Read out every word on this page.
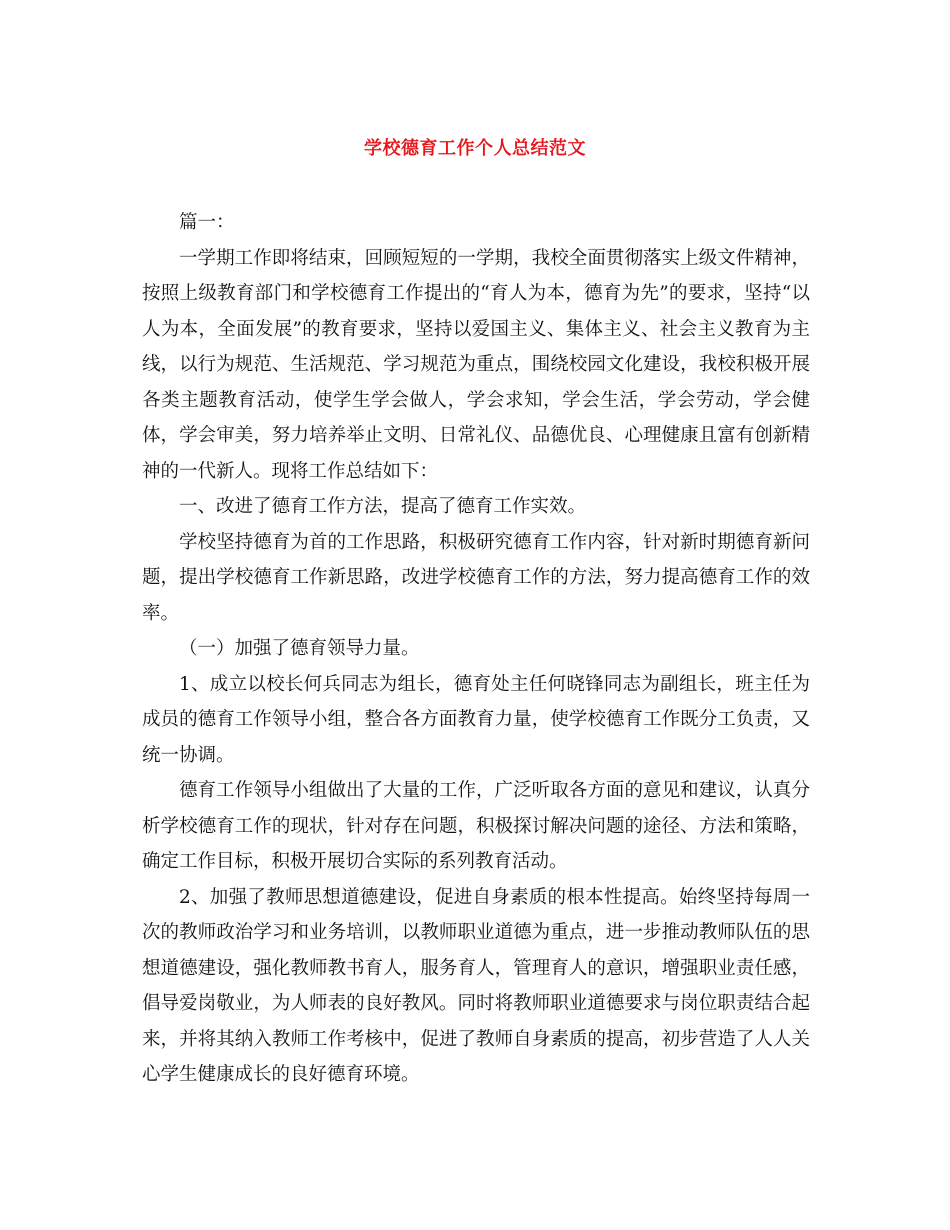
学校德育工作个人总结范文

篇一：

一学期工作即将结束，回顾短短的一学期，我校全面贯彻落实上级文件精神，按照上级教育部门和学校德育工作提出的“育人为本，德育为先”的要求，坚持“以人为本，全面发展”的教育要求，坚持以爱国主义、集体主义、社会主义教育为主线，以行为规范、生活规范、学习规范为重点，围绕校园文化建设，我校积极开展各类主题教育活动，使学生学会做人，学会求知，学会生活，学会劳动，学会健体，学会审美，努力培养举止文明、日常礼仪、品德优良、心理健康且富有创新精神的一代新人。现将工作总结如下：

一、改进了德育工作方法，提高了德育工作实效。

学校坚持德育为首的工作思路，积极研究德育工作内容，针对新时期德育新问题，提出学校德育工作新思路，改进学校德育工作的方法，努力提高德育工作的效率。

（一）加强了德育领导力量。

1、成立以校长何兵同志为组长，德育处主任何晓锋同志为副组长，班主任为成员的德育工作领导小组，整合各方面教育力量，使学校德育工作既分工负责，又统一协调。

德育工作领导小组做出了大量的工作，广泛听取各方面的意见和建议，认真分析学校德育工作的现状，针对存在问题，积极探讨解决问题的途径、方法和策略，确定工作目标，积极开展切合实际的系列教育活动。

2、加强了教师思想道德建设，促进自身素质的根本性提高。始终坚持每周一次的教师政治学习和业务培训，以教师职业道德为重点，进一步推动教师队伍的思想道德建设，强化教师教书育人，服务育人，管理育人的意识，增强职业责任感，倡导爱岗敬业，为人师表的良好教风。同时将教师职业道德要求与岗位职责结合起来，并将其纳入教师工作考核中，促进了教师自身素质的提高，初步营造了人人关心学生健康成长的良好德育环境。
